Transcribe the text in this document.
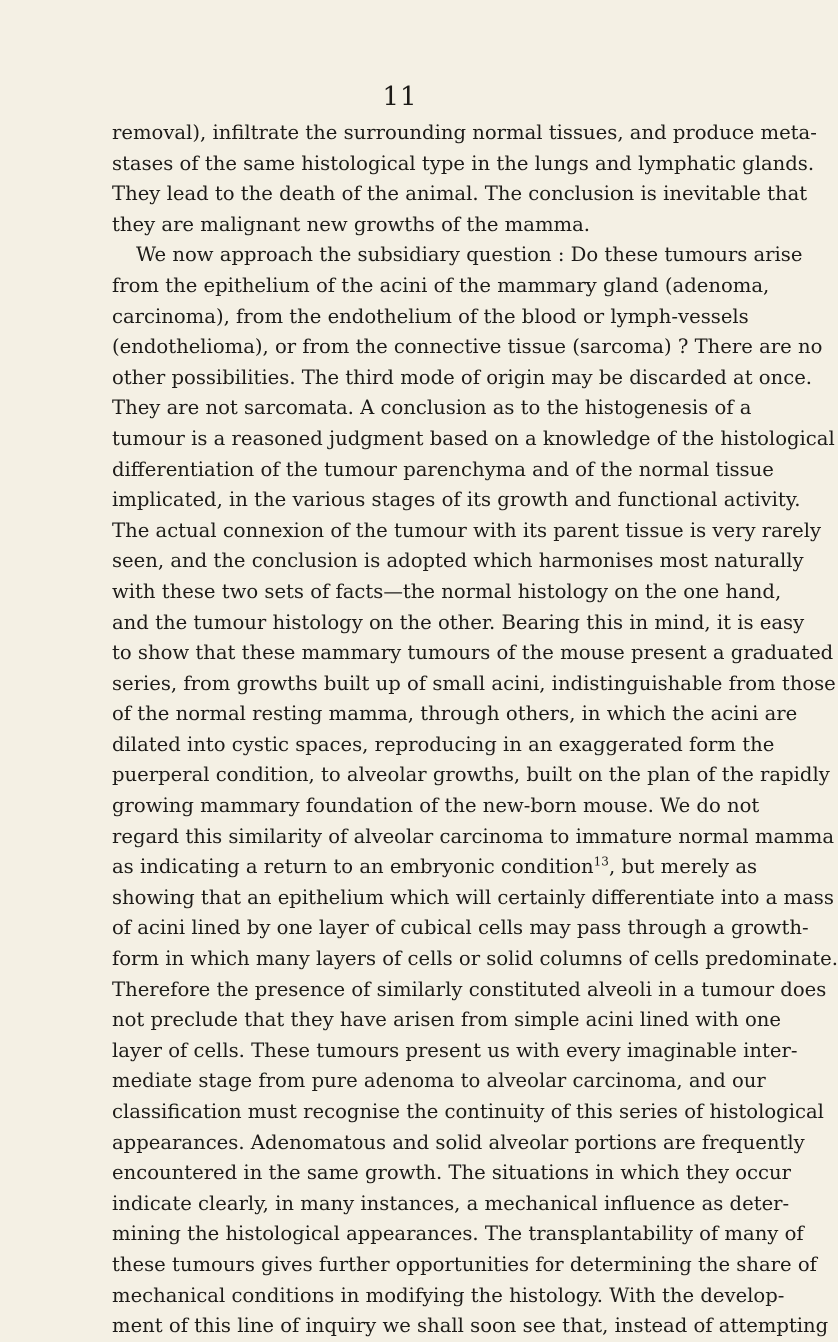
11
removal), infiltrate the surrounding normal tissues, and produce meta-
stases of the same histological type in the lungs and lymphatic glands.
They lead to the death of the animal. The conclusion is inevitable that
they are malignant new growths of the mamma.
We now approach the subsidiary question : Do these tumours arise
from the epithelium of the acini of the mammary gland (adenoma,
carcinoma), from the endothelium of the blood or lymph-vessels
(endothelioma), or from the connective tissue (sarcoma) ? There are no
other possibilities. The third mode of origin may be discarded at once.
They are not sarcomata. A conclusion as to the histogenesis of a
tumour is a reasoned judgment based on a knowledge of the histological
differentiation of the tumour parenchyma and of the normal tissue
implicated, in the various stages of its growth and functional activity.
The actual connexion of the tumour with its parent tissue is very rarely
seen, and the conclusion is adopted which harmonises most naturally
with these two sets of facts—the normal histology on the one hand,
and the tumour histology on the other. Bearing this in mind, it is easy
to show that these mammary tumours of the mouse present a graduated
series, from growths built up of small acini, indistinguishable from those
of the normal resting mamma, through others, in which the acini are
dilated into cystic spaces, reproducing in an exaggerated form the
puerperal condition, to alveolar growths, built on the plan of the rapidly
growing mammary foundation of the new-born mouse. We do not
regard this similarity of alveolar carcinoma to immature normal mamma
as indicating a return to an embryonic condition$^{13}$, but merely as
showing that an epithelium which will certainly differentiate into a mass
of acini lined by one layer of cubical cells may pass through a growth-
form in which many layers of cells or solid columns of cells predominate.
Therefore the presence of similarly constituted alveoli in a tumour does
not preclude that they have arisen from simple acini lined with one
layer of cells. These tumours present us with every imaginable inter-
mediate stage from pure adenoma to alveolar carcinoma, and our
classification must recognise the continuity of this series of histological
appearances. Adenomatous and solid alveolar portions are frequently
encountered in the same growth. The situations in which they occur
indicate clearly, in many instances, a mechanical influence as deter-
mining the histological appearances. The transplantability of many of
these tumours gives further opportunities for determining the share of
mechanical conditions in modifying the histology. With the develop-
ment of this line of inquiry we shall soon see that, instead of attempting
